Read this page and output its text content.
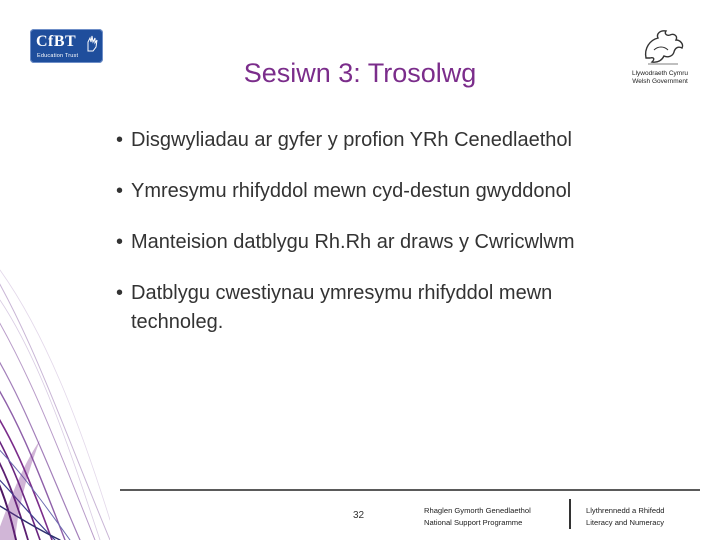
CfBT
Education Trust
Llywodraeth Cymru
Welsh Government
Sesiwn 3: Trosolwg
• Disgwyliadau ar gyfer y profion YRh Cenedlaethol
• Ymresymu rhifyddol mewn cyd-destun gwyddonol
• Manteision datblygu Rh.Rh ar draws y Cwricwlwm
• Datblygu cwestiynau ymresymu rhifyddol mewn technoleg.
32	Rhaglen Gymorth Genedlaethol
National Support Programme
Llythrennedd a Rhifedd
Literacy and Numeracy
